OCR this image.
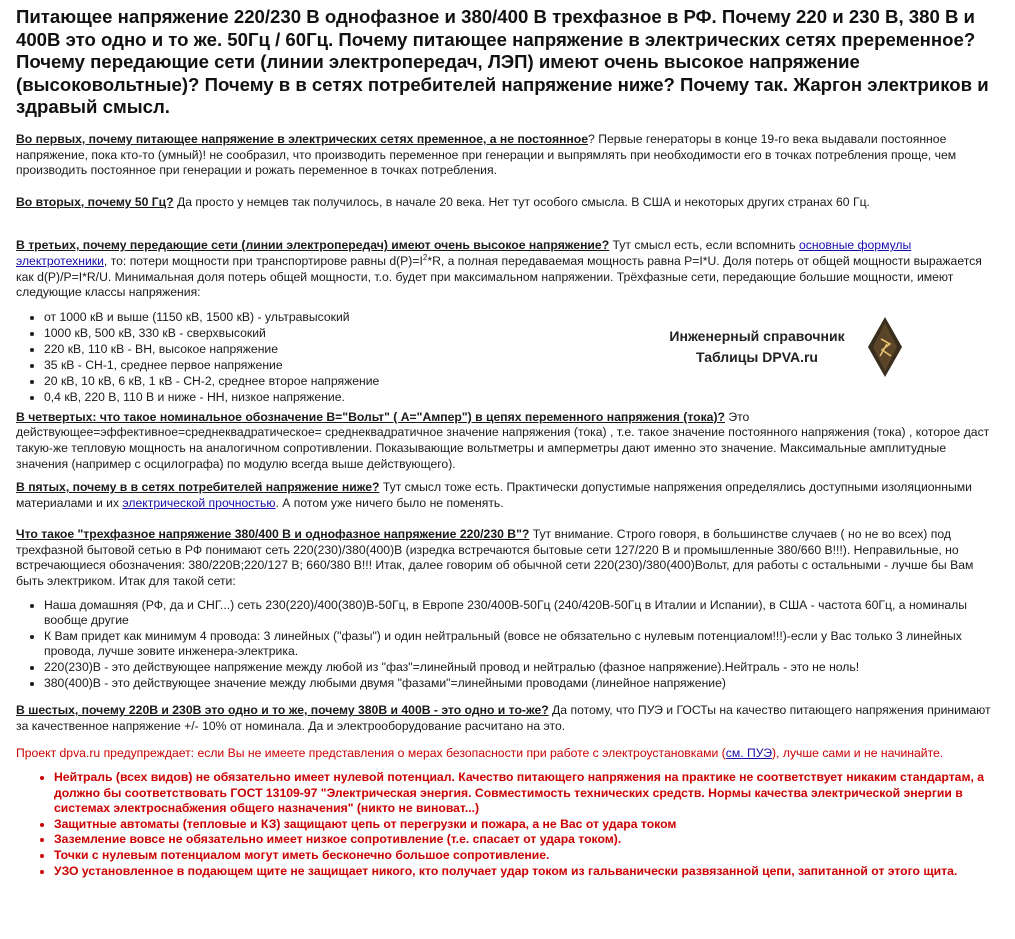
Питающее напряжение 220/230 В однофазное и 380/400 В трехфазное в РФ. Почему 220 и 230 В, 380 В и 400В это одно и то же. 50Гц / 60Гц. Почему питающее напряжение в электрических сетях преременное? Почему передающие сети (линии электропередач, ЛЭП) имеют очень высокое напряжение (высоковольтные)? Почему в в сетях потребителей напряжение ниже? Почему так. Жаргон электриков и здравый смысл.

Во первых, почему питающее напряжение в электрических сетях пременное, а не постоянное? Первые генераторы в конце 19-го века выдавали постоянное напряжение, пока кто-то (умный)! не сообразил, что производить переменное при генерации и выпрямлять при необходимости его в точках потребления проще, чем производить постоянное при генерации и рожать переменное в точках потребления.

Во вторых, почему 50 Гц? Да просто у немцев так получилось, в начале 20 века. Нет тут особого смысла. В США и некоторых других странах 60 Гц.

В третьих, почему передающие сети (линии электропередач) имеют очень высокое напряжение? Тут смысл есть, если вспомнить основные формулы электротехники, то: потери мощности при транспортирове равны $d(P)=I^2*R$, а полная передаваемая мощность равна P=I*U. Доля потерь от общей мощности выражается как d(P)/P=I*R/U. Минимальная доля потерь общей мощности, т.о. будет при максимальном напряжении. Трёхфазные сети, передающие большие мощности, имеют следующие классы напряжения:

• от 1000 кВ и выше (1150 кВ, 1500 кВ) - ультравысокий
• 1000 кВ, 500 кВ, 330 кВ - сверхвысокий
• 220 кВ, 110 кВ - ВН, высокое напряжение
• 35 кВ - СН-1, среднее первое напряжение
• 20 кВ, 10 кВ, 6 кВ, 1 кВ - СН-2, среднее второе напряжение
• 0,4 кВ, 220 В, 110 В и ниже - НН, низкое напряжение.
Инженерный справочник
Таблицы DPVA.ru

В четвертых: что такое номинальное обозначение В="Вольт" ( А="Ампер") в цепях переменного напряжения (тока)? Это действующее=эффективное=среднеквадратическое= среднеквадратичное значение напряжения (тока) , т.е. такое значение постоянного напряжения (тока) , которое даст такую-же тепловую мощность на аналогичном сопротивлении. Показывающие вольтметры и амперметры дают именно это значение. Максимальные амплитудные значения (например с осцилографа) по модулю всегда выше действующего).

В пятых, почему в в сетях потребителей напряжение ниже? Тут смысл тоже есть. Практически допустимые напряжения определялись доступными изоляционными материалами и их электрической прочностью. А потом уже ничего было не поменять.

Что такое "трехфазное напряжение 380/400 В и однофазное напряжение 220/230 В"? Тут внимание. Строго говоря, в большинстве случаев ( но не во всех) под трехфазной бытовой сетью в РФ понимают сеть 220(230)/380(400)В (изредка встречаются бытовые сети 127/220 В и промышленные 380/660 В!!!). Неправильные, но встречающиеся обозначения: 380/220В;220/127 В; 660/380 В!!! Итак, далее говорим об обычной сети 220(230)/380(400)Вольт, для работы с остальными - лучше бы Вам быть электриком. Итак для такой сети:

• Наша домашняя (РФ, да и СНГ...) сеть 230(220)/400(380)В-50Гц, в Европе 230/400В-50Гц (240/420В-50Гц в Италии и Испании), в США - частота 60Гц, а номиналы вообще другие
• К Вам придет как минимум 4 провода: 3 линейных ("фазы") и один нейтральный (вовсе не обязательно с нулевым потенциалом!!!)-если у Вас только 3 линейных провода, лучше зовите инженера-электрика.
• 220(230)В - это действующее напряжение между любой из "фаз"=линейный провод и нейтралью (фазное напряжение).Нейтраль - это не ноль!
• 380(400)В - это действующее значение между любыми двумя "фазами"=линейными проводами (линейное напряжение)

В шестых, почему 220В и 230В это одно и то же, почему 380В и 400В - это одно и то-же? Да потому, что ПУЭ и ГОСТы на качество питающего напряжения принимают за качественное напряжение +/- 10% от номинала. Да и электрооборудование расчитано на это.

Проект dpva.ru предупреждает: если Вы не имеете представления о мерах безопасности при работе с электроустановками (см. ПУЭ), лучше сами и не начинайте.

• Нейтраль (всех видов) не обязательно имеет нулевой потенциал. Качество питающего напряжения на практике не соответствует никаким стандартам, а должно бы соответствовать ГОСТ 13109-97 "Электрическая энергия. Совместимость технических средств. Нормы качества электрической энергии в системах электроснабжения общего назначения" (никто не виноват...)
• Защитные автоматы (тепловые и КЗ) защищают цепь от перегрузки и пожара, а не Вас от удара током
• Заземление вовсе не обязательно имеет низкое сопротивление (т.е. спасает от удара током).
• Точки с нулевым потенциалом могут иметь бесконечно большое сопротивление.
• УЗО установленное в подающем щите не защищает никого, кто получает удар током из гальванически развязанной цепи, запитанной от этого щита.
